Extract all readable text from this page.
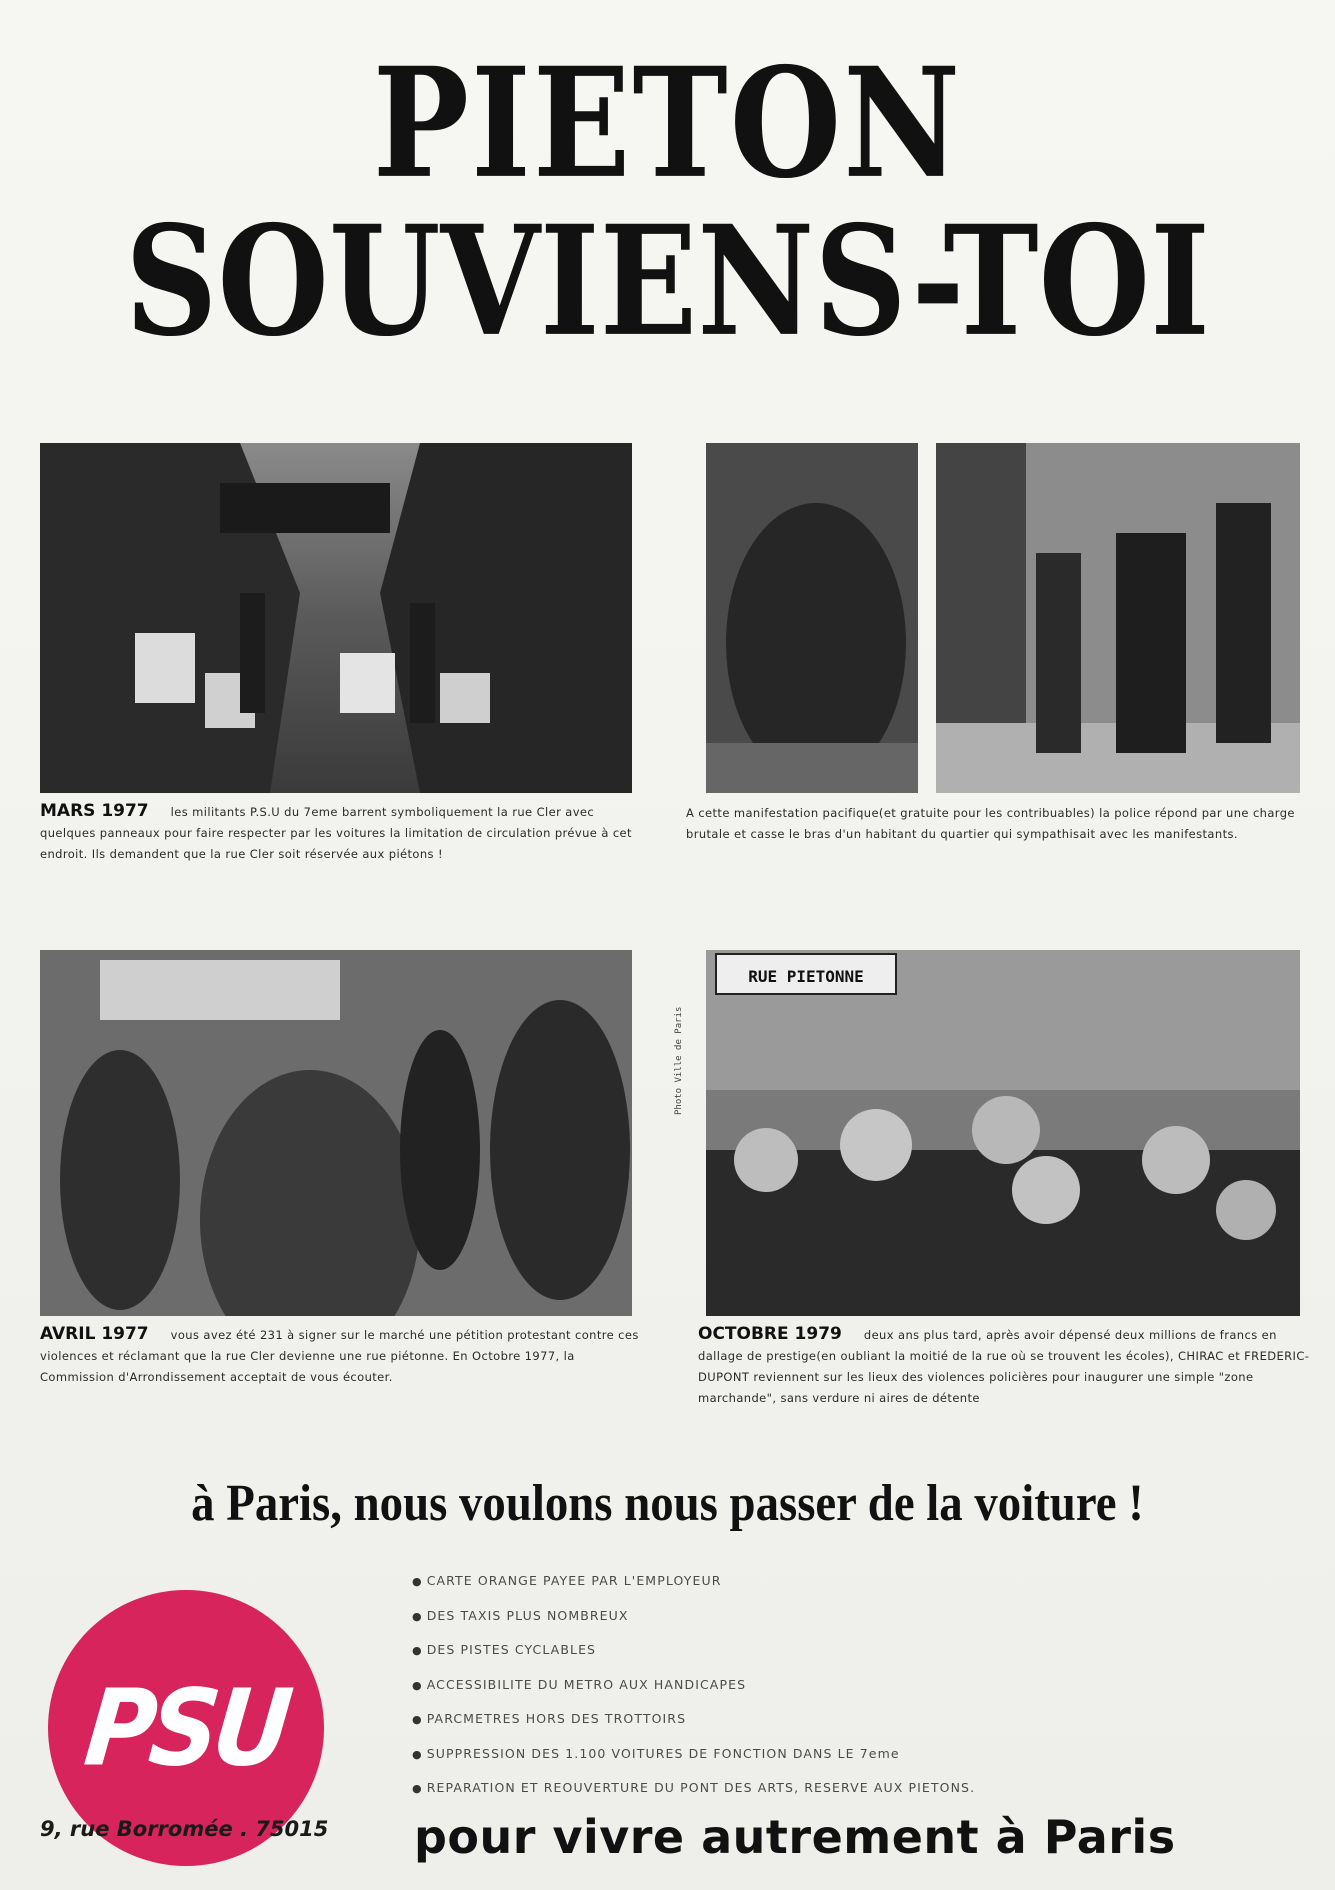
PIETON
SOUVIENS-TOI
RUE PIETONNE
Photo Ville de Paris
MARS 1977 les militants P.S.U du 7eme barrent symboliquement la rue Cler avec quelques panneaux pour faire respecter par les voitures la limitation de circulation prévue à cet endroit. Ils demandent que la rue Cler soit réservée aux piétons !
A cette manifestation pacifique(et gratuite pour les contribuables) la police répond par une charge brutale et casse le bras d'un habitant du quartier qui sympathisait avec les manifestants.
AVRIL 1977 vous avez été 231 à signer sur le marché une pétition protestant contre ces violences et réclamant que la rue Cler devienne une rue piétonne. En Octobre 1977, la Commission d'Arrondissement acceptait de vous écouter.
OCTOBRE 1979 deux ans plus tard, après avoir dépensé deux millions de francs en dallage de prestige(en oubliant la moitié de la rue où se trouvent les écoles), CHIRAC et FREDERIC-DUPONT reviennent sur les lieux des violences policières pour inaugurer une simple "zone marchande", sans verdure ni aires de détente
à Paris, nous voulons nous passer de la voiture !
PSU
9, rue Borromée . 75015
● CARTE ORANGE PAYEE PAR L'EMPLOYEUR
● DES TAXIS PLUS NOMBREUX
● DES PISTES CYCLABLES
● ACCESSIBILITE DU METRO AUX HANDICAPES
● PARCMETRES HORS DES TROTTOIRS
● SUPPRESSION DES 1.100 VOITURES DE FONCTION DANS LE 7eme
● REPARATION ET REOUVERTURE DU PONT DES ARTS, RESERVE AUX PIETONS.
pour vivre autrement à Paris
